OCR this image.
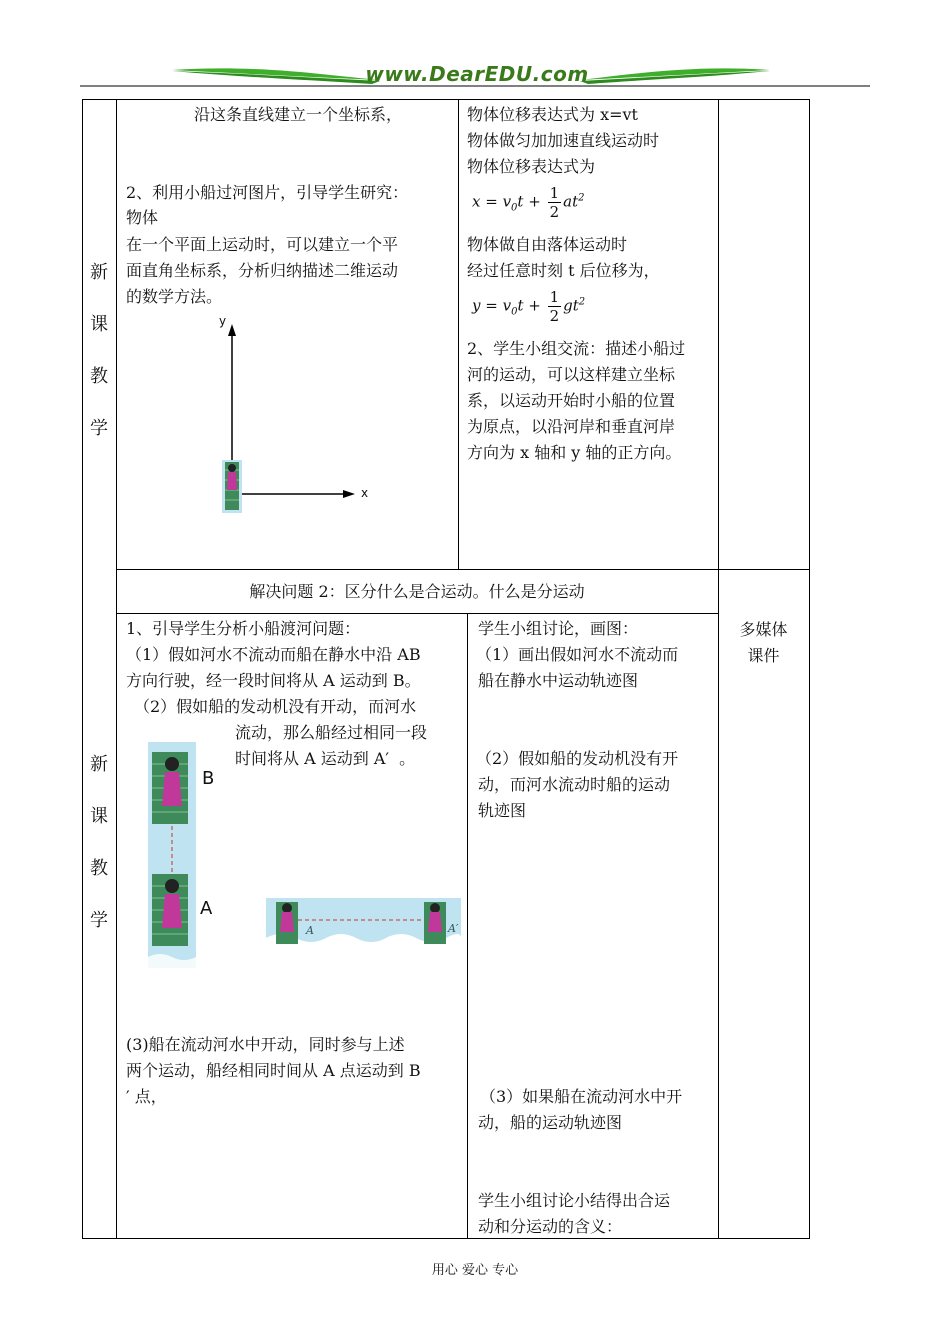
www.DearEDU.com
新
课
教
学
新
课
教
学
沿这条直线建立一个坐标系，
2、利用小船过河图片，引导学生研究：
物体
在一个平面上运动时，可以建立一个平
面直角坐标系，分析归纳描述二维运动
的数学方法。
y
x
物体位移表达式为 x=vt
物体做匀加加速直线运动时
物体位移表达式为
$x = v_0t + \frac{1}{2} at^2$
物体做自由落体运动时
经过任意时刻 t 后位移为，
$y = v_0t + \frac{1}{2} gt^2$
2、学生小组交流：描述小船过
河的运动，可以这样建立坐标
系，以运动开始时小船的位置
为原点，以沿河岸和垂直河岸
方向为 x 轴和 y 轴的正方向。
解决问题 2：区分什么是合运动。什么是分运动
多媒体
课件
1、引导学生分析小船渡河问题：
（1）假如河水不流动而船在静水中沿 AB
方向行驶，经一段时间将从 A 运动到 B。
（2）假如船的发动机没有开动，而河水
流动，那么船经过相同一段
时间将从 A 运动到 A′  。
B
A
A	A′
(3)船在流动河水中开动，同时参与上述
两个运动，船经相同时间从 A 点运动到 B
′ 点，
学生小组讨论，画图：
（1）画出假如河水不流动而
船在静水中运动轨迹图
（2）假如船的发动机没有开
动，而河水流动时船的运动
轨迹图
（3）如果船在流动河水中开
动，船的运动轨迹图
学生小组讨论小结得出合运
动和分运动的含义：
用心 爱心 专心
